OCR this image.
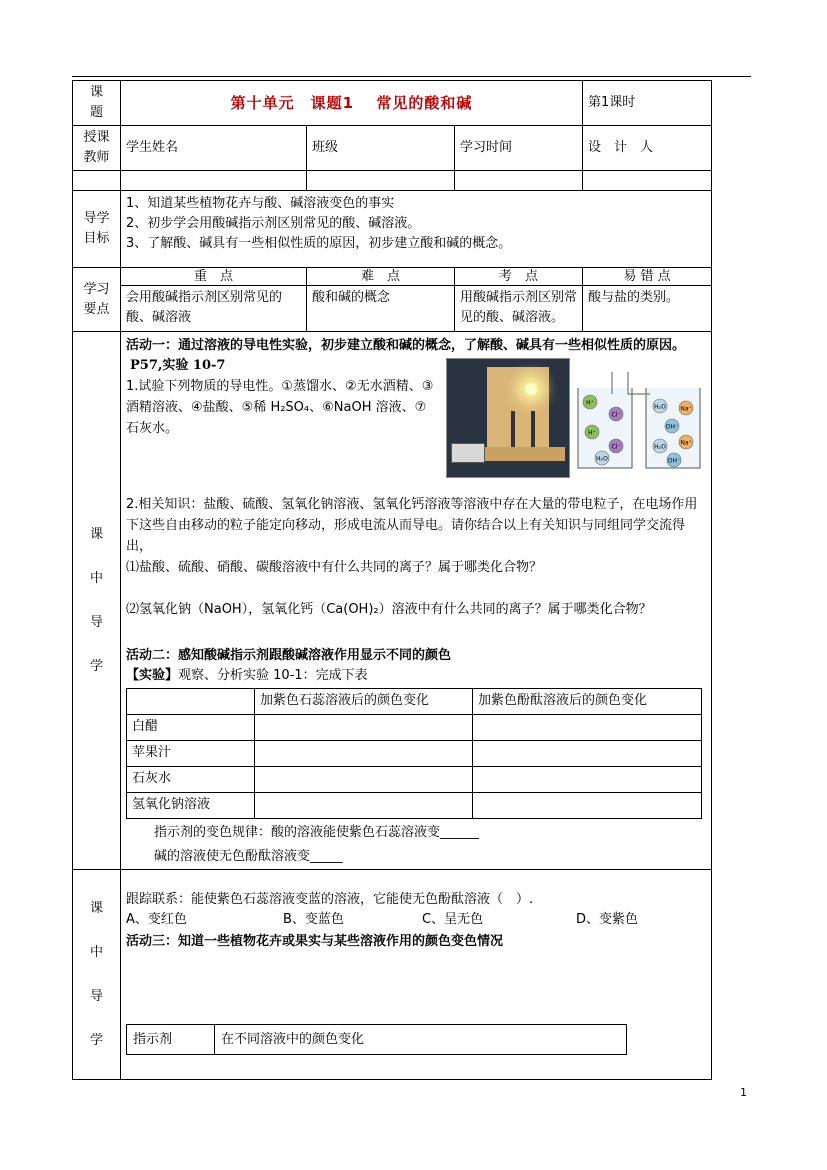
课题
	第十单元　课题1　 常见的酸和碱	第1课时

授课教师
	学生姓名	班级	学习时间	设　计　人

导学目标

1、知道某些植物花卉与酸、碱溶液变色的事实

2、初步学会用酸碱指示剂区别常见的酸、碱溶液。

3、了解酸、碱具有一些相似性质的原因，初步建立酸和碱的概念。

学习要点
	重　点	难　点	考　点	易 错 点
会用酸碱指示剂区别常见的酸、碱溶液	酸和碱的概念	用酸碱指示剂区别常见的酸、碱溶液。	酸与盐的类别。

课
中
导
学

活动一：通过溶液的导电性实验，初步建立酸和碱的概念，了解酸、碱具有一些相似性质的原因。

H⁺
Cl⁻
H⁺
Cl⁻
H₂O
H₂O Na⁺
OH⁻
H₂O
Na⁺
OH⁻

P57,实验 10-7

1.试验下列物质的导电性。①蒸馏水、②无水酒精、③酒精溶液、④盐酸、⑤稀 H₂SO₄、⑥NaOH 溶液、⑦石灰水。

2.相关知识：盐酸、硫酸、氢氧化钠溶液、氢氧化钙溶液等溶液中存在大量的带电粒子，在电场作用下这些自由移动的粒子能定向移动，形成电流从而导电。请你结合以上有关知识与同组同学交流得出，

⑴盐酸、硫酸、硝酸、碳酸溶液中有什么共同的离子？属于哪类化合物？

⑵氢氧化钠（NaOH），氢氧化钙（Ca(OH)₂）溶液中有什么共同的离子？属于哪类化合物？

活动二：感知酸碱指示剂跟酸碱溶液作用显示不同的颜色

【实验】观察、分析实验 10-1：完成下表

	加紫色石蕊溶液后的颜色变化	加紫色酚酞溶液后的颜色变化
白醋		
苹果汁		
石灰水		
氢氧化钠溶液		

指示剂的变色规律：酸的溶液能使紫色石蕊溶液变______

碱的溶液使无色酚酞溶液变_____

课
中
导
学

跟踪联系：能使紫色石蕊溶液变蓝的溶液，它能使无色酚酞溶液（　）.

A、变红色	B、变蓝色	C、呈无色	D、变紫色

活动三：知道一些植物花卉或果实与某些溶液作用的颜色变色情况

指示剂	在不同溶液中的颜色变化
1
